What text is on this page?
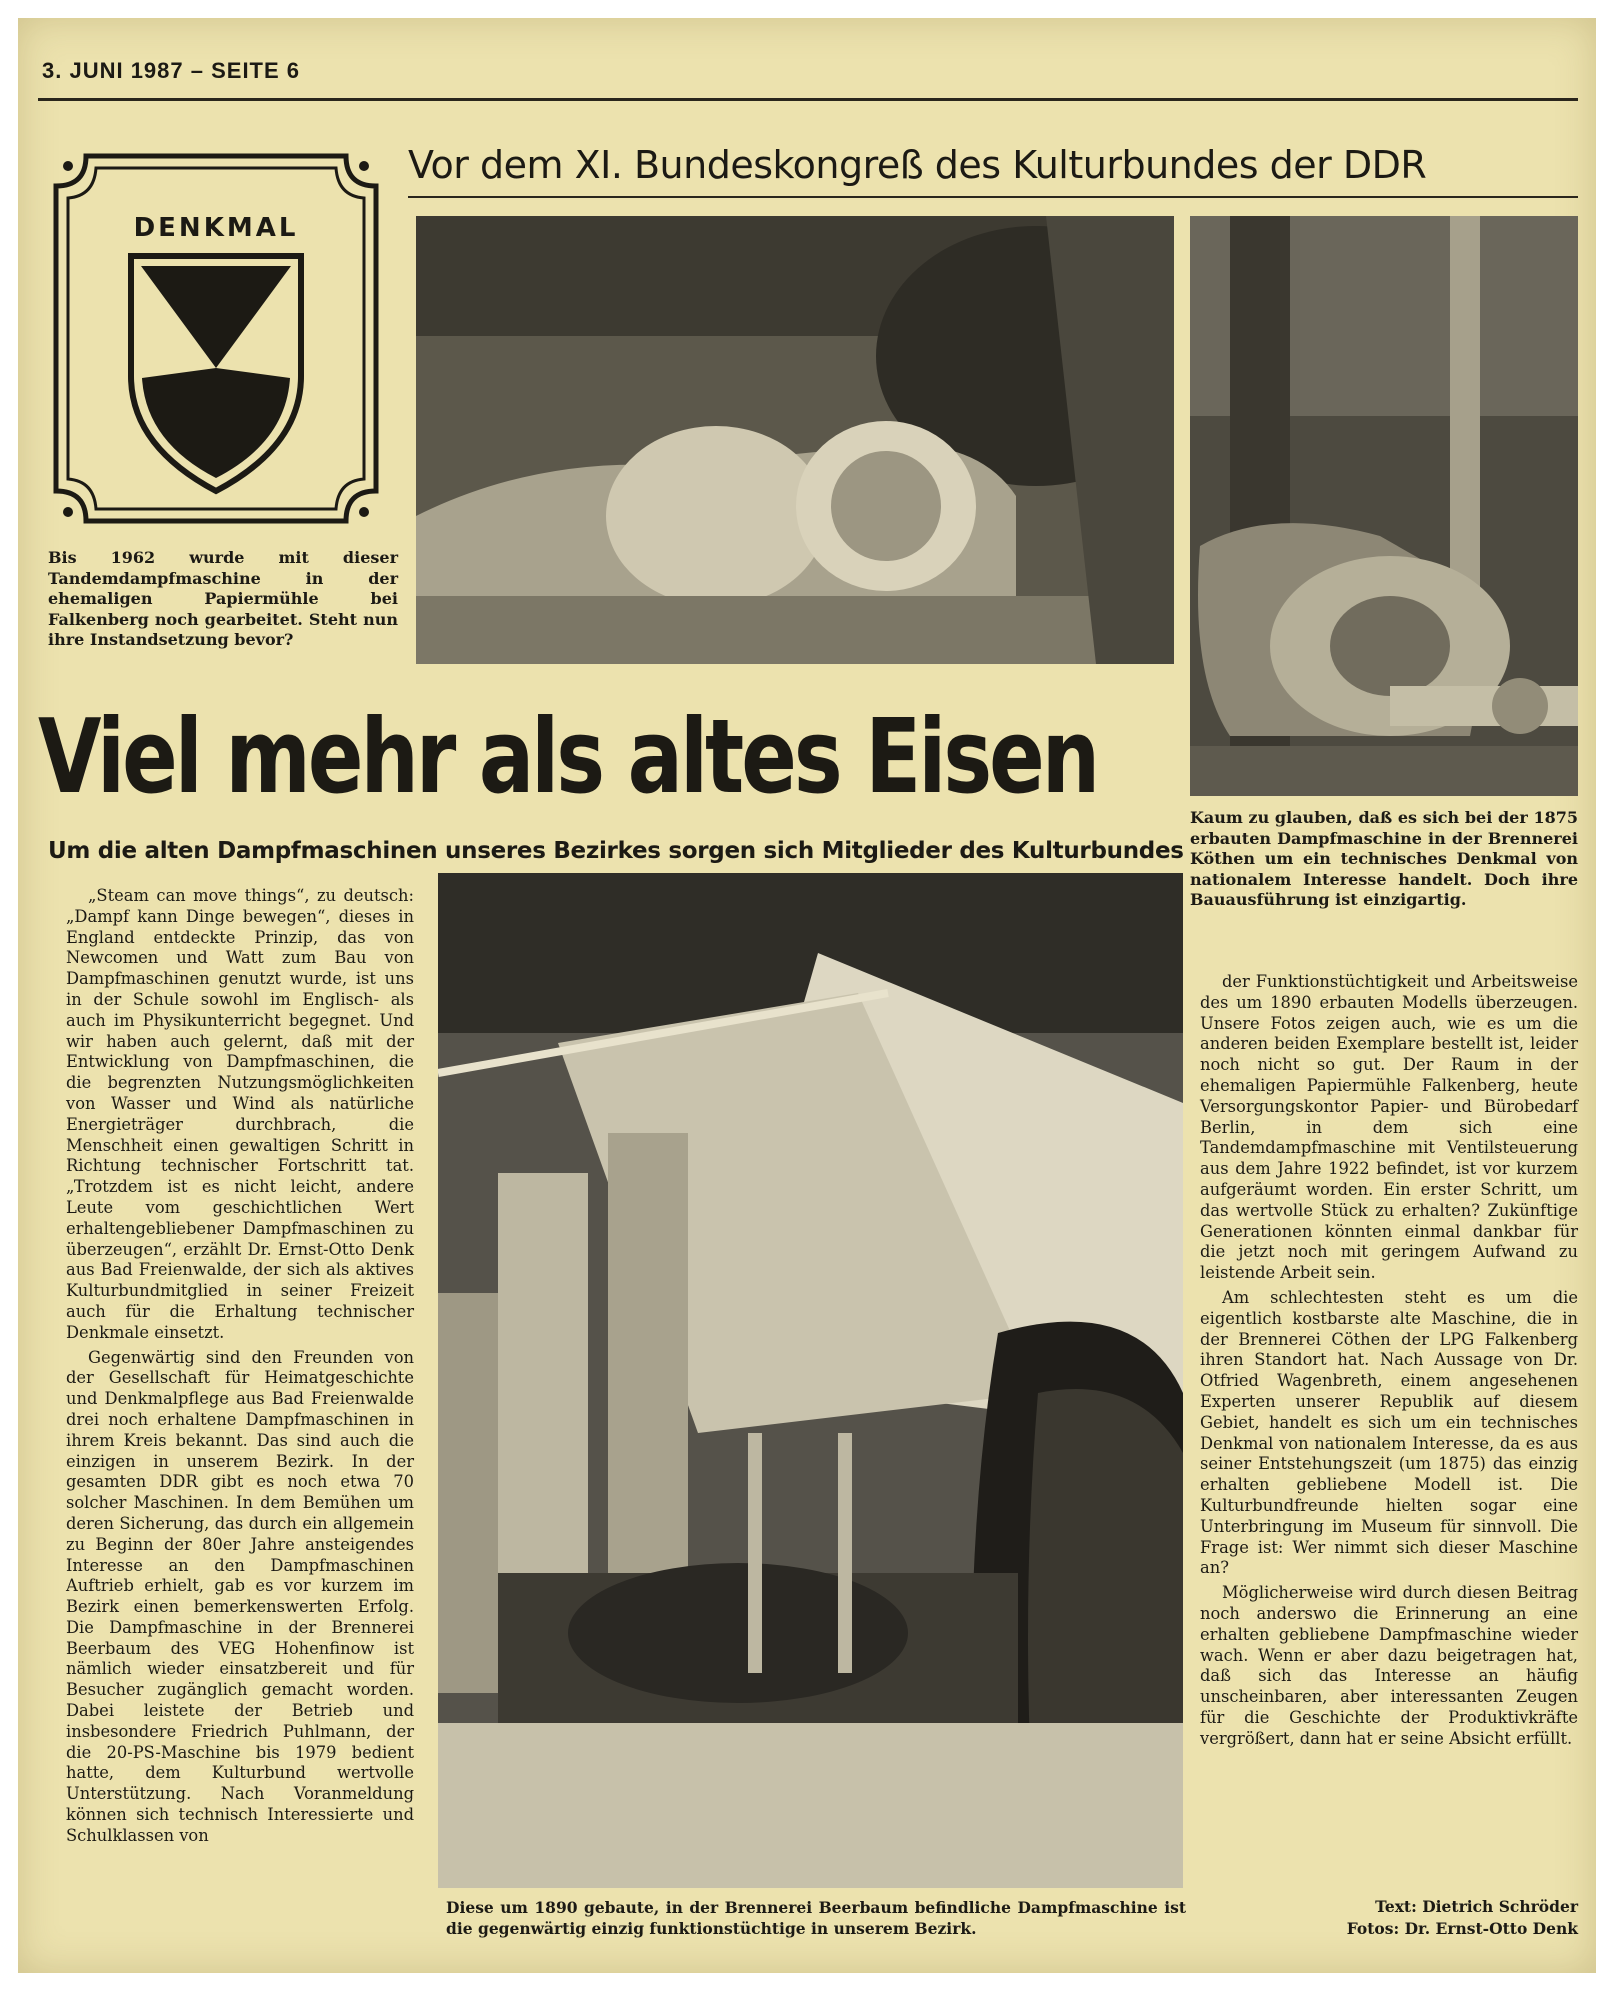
3. JUNI 1987 – SEITE 6
DENKMAL
Vor dem XI. Bundeskongreß des Kulturbundes der DDR
Bis 1962 wurde mit dieser Tandemdampfmaschine in der ehemaligen Papiermühle bei Falkenberg noch gearbeitet. Steht nun ihre Instandsetzung bevor?
Viel mehr als altes Eisen
Um die alten Dampfmaschinen unseres Bezirkes sorgen sich Mitglieder des Kulturbundes
Kaum zu glauben, daß es sich bei der 1875 erbauten Dampfmaschine in der Brennerei Köthen um ein technisches Denkmal von nationalem Interesse handelt. Doch ihre Bauausführung ist einzigartig.

„Steam can move things“, zu deutsch: „Dampf kann Dinge bewegen“, dieses in England entdeckte Prinzip, das von Newcomen und Watt zum Bau von Dampfmaschinen genutzt wurde, ist uns in der Schule sowohl im Englisch- als auch im Physikunterricht begegnet. Und wir haben auch gelernt, daß mit der Entwicklung von Dampfmaschinen, die die begrenzten Nutzungsmöglichkeiten von Wasser und Wind als natürliche Energieträger durchbrach, die Menschheit einen gewaltigen Schritt in Richtung technischer Fortschritt tat. „Trotzdem ist es nicht leicht, andere Leute vom geschichtlichen Wert erhaltengebliebener Dampfmaschinen zu überzeugen“, erzählt Dr. Ernst-Otto Denk aus Bad Freienwalde, der sich als aktives Kulturbundmitglied in seiner Freizeit auch für die Erhaltung technischer Denkmale einsetzt.

Gegenwärtig sind den Freunden von der Gesellschaft für Heimatgeschichte und Denkmalpflege aus Bad Freienwalde drei noch erhaltene Dampfmaschinen in ihrem Kreis bekannt. Das sind auch die einzigen in unserem Bezirk. In der gesamten DDR gibt es noch etwa 70 solcher Maschinen. In dem Bemühen um deren Sicherung, das durch ein allgemein zu Beginn der 80er Jahre ansteigendes Interesse an den Dampfmaschinen Auftrieb erhielt, gab es vor kurzem im Bezirk einen bemerkenswerten Erfolg. Die Dampfmaschine in der Brennerei Beerbaum des VEG Hohenfinow ist nämlich wieder einsatzbereit und für Besucher zugänglich gemacht worden. Dabei leistete der Betrieb und insbesondere Friedrich Puhlmann, der die 20-PS-Maschine bis 1979 bedient hatte, dem Kulturbund wertvolle Unterstützung. Nach Voranmeldung können sich technisch Interessierte und Schulklassen von

der Funktionstüchtigkeit und Arbeitsweise des um 1890 erbauten Modells überzeugen. Unsere Fotos zeigen auch, wie es um die anderen beiden Exemplare bestellt ist, leider noch nicht so gut. Der Raum in der ehemaligen Papiermühle Falkenberg, heute Versorgungskontor Papier- und Bürobedarf Berlin, in dem sich eine Tandemdampfmaschine mit Ventilsteuerung aus dem Jahre 1922 befindet, ist vor kurzem aufgeräumt worden. Ein erster Schritt, um das wertvolle Stück zu erhalten? Zukünftige Generationen könnten einmal dankbar für die jetzt noch mit geringem Aufwand zu leistende Arbeit sein.

Am schlechtesten steht es um die eigentlich kostbarste alte Maschine, die in der Brennerei Cöthen der LPG Falkenberg ihren Standort hat. Nach Aussage von Dr. Otfried Wagenbreth, einem angesehenen Experten unserer Republik auf diesem Gebiet, handelt es sich um ein technisches Denkmal von nationalem Interesse, da es aus seiner Entstehungszeit (um 1875) das einzig erhalten gebliebene Modell ist. Die Kulturbundfreunde hielten sogar eine Unterbringung im Museum für sinnvoll. Die Frage ist: Wer nimmt sich dieser Maschine an?

Möglicherweise wird durch diesen Beitrag noch anderswo die Erinnerung an eine erhalten gebliebene Dampfmaschine wieder wach. Wenn er aber dazu beigetragen hat, daß sich das Interesse an häufig unscheinbaren, aber interessanten Zeugen für die Geschichte der Produktivkräfte vergrößert, dann hat er seine Absicht erfüllt.

Diese um 1890 gebaute, in der Brennerei Beerbaum befindliche Dampfmaschine ist die gegenwärtig einzig funktionstüchtige in unserem Bezirk.
Text: Dietrich Schröder
Fotos: Dr. Ernst-Otto Denk
